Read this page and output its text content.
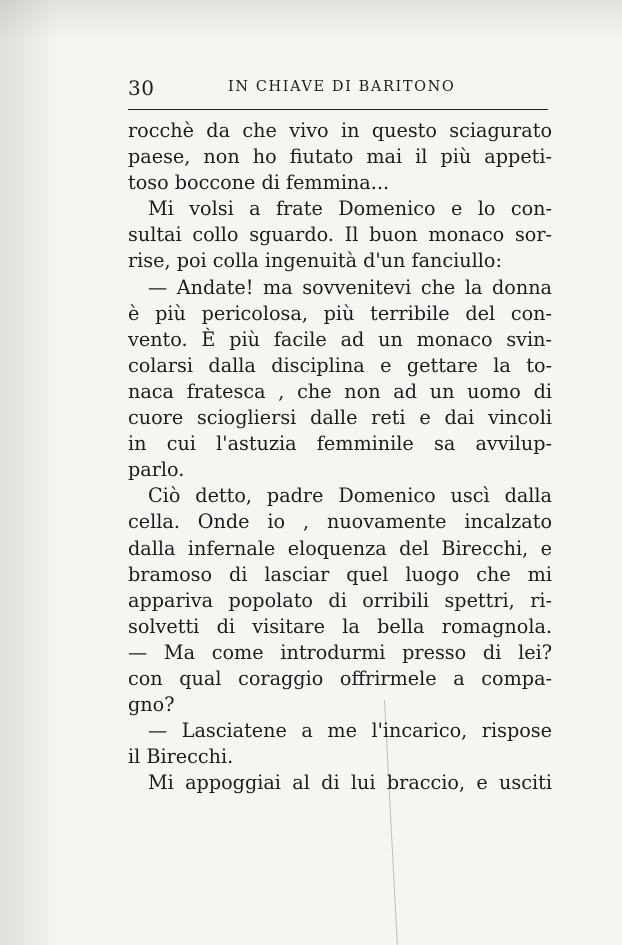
30	IN CHIAVE DI BARITONO
rocchè da che vivo in questo sciagurato
paese, non ho fiutato mai il più appeti-
toso boccone di femmina...
Mi volsi a frate Domenico e lo con-
sultai collo sguardo. Il buon monaco sor-
rise, poi colla ingenuità d'un fanciullo:
— Andate! ma sovvenitevi che la donna
è più pericolosa, più terribile del con-
vento. È più facile ad un monaco svin-
colarsi dalla disciplina e gettare la to-
naca fratesca , che non ad un uomo di
cuore sciogliersi dalle reti e dai vincoli
in cui l'astuzia femminile sa avvilup-
parlo.
Ciò detto, padre Domenico uscì dalla
cella. Onde io , nuovamente incalzato
dalla infernale eloquenza del Birecchi, e
bramoso di lasciar quel luogo che mi
appariva popolato di orribili spettri, ri-
solvetti di visitare la bella romagnola.
— Ma come introdurmi presso di lei?
con qual coraggio offrirmele a compa-
gno?
— Lasciatene a me l'incarico, rispose
il Birecchi.
Mi appoggiai al di lui braccio, e usciti
